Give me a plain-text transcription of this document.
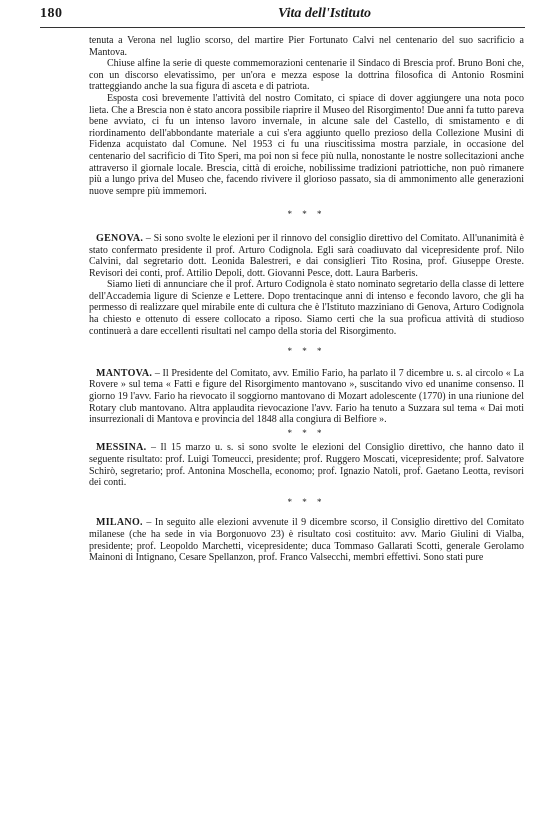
180	Vita dell'Istituto

tenuta a Verona nel luglio scorso, del martire Pier Fortunato Calvi nel centenario del suo sacrificio a Mantova.

Chiuse alfine la serie di queste commemorazioni centenarie il Sindaco di Brescia prof. Bruno Boni che, con un discorso elevatissimo, per un'ora e mezza espose la dottrina filosofica di Antonio Rosmini tratteggiando anche la sua figura di asceta e di patriota.

Esposta così brevemente l'attività del nostro Comitato, ci spiace di dover aggiungere una nota poco lieta. Che a Brescia non è stato ancora possibile riaprire il Museo del Risorgimento! Due anni fa tutto pareva bene avviato, ci fu un intenso lavoro invernale, in alcune sale del Castello, di smistamento e di riordinamento dell'abbondante materiale a cui s'era aggiunto quello prezioso della Collezione Musini di Fidenza acquistato dal Comune. Nel 1953 ci fu una riuscitissima mostra parziale, in occasione del centenario del sacrificio di Tito Speri, ma poi non si fece più nulla, nonostante le nostre sollecitazioni anche attraverso il giornale locale. Brescia, città di eroiche, nobilissime tradizioni patriottiche, non può rimanere più a lungo priva del Museo che, facendo rivivere il glorioso passato, sia di ammonimento alle generazioni nuove sempre più immemori.

* * *

GENOVA. – Si sono svolte le elezioni per il rinnovo del consiglio direttivo del Comitato. All'unanimità è stato confermato presidente il prof. Arturo Codignola. Egli sarà coadiuvato dal vicepresidente prof. Nilo Calvini, dal segretario dott. Leonida Balestreri, e dai consiglieri Tito Rosina, prof. Giuseppe Oreste. Revisori dei conti, prof. Attilio Depoli, dott. Giovanni Pesce, dott. Laura Barberis.

Siamo lieti di annunciare che il prof. Arturo Codignola è stato nominato segretario della classe di lettere dell'Accademia ligure di Scienze e Lettere. Dopo trentacinque anni di intenso e fecondo lavoro, che gli ha permesso di realizzare quel mirabile ente di cultura che è l'Istituto mazziniano di Genova, Arturo Codignola ha chiesto e ottenuto di essere collocato a riposo. Siamo certi che la sua proficua attività di studioso continuerà a dare eccellenti risultati nel campo della storia del Risorgimento.

* * *

MANTOVA. – Il Presidente del Comitato, avv. Emilio Fario, ha parlato il 7 dicembre u. s. al circolo « La Rovere » sul tema « Fatti e figure del Risorgimento mantovano », suscitando vivo ed unanime consenso. Il giorno 19 l'avv. Fario ha rievocato il soggiorno mantovano di Mozart adolescente (1770) in una riunione del Rotary club mantovano. Altra applaudita rievocazione l'avv. Fario ha tenuto a Suzzara sul tema « Dai moti insurrezionali di Mantova e provincia del 1848 alla congiura di Belfiore ».

* * *

MESSINA. – Il 15 marzo u. s. si sono svolte le elezioni del Consiglio direttivo, che hanno dato il seguente risultato: prof. Luigi Tomeucci, presidente; prof. Ruggero Moscati, vicepresidente; prof. Salvatore Schirò, segretario; prof. Antonina Moschella, economo; prof. Ignazio Natoli, prof. Gaetano Leotta, revisori dei conti.

* * *

MILANO. – In seguito alle elezioni avvenute il 9 dicembre scorso, il Consiglio direttivo del Comitato milanese (che ha sede in via Borgonuovo 23) è risultato così costituito: avv. Mario Giulini di Vialba, presidente; prof. Leopoldo Marchetti, vicepresidente; duca Tommaso Gallarati Scotti, generale Gerolamo Mainoni di Intignano, Cesare Spellanzon, prof. Franco Valsecchi, membri effettivi. Sono stati pure
